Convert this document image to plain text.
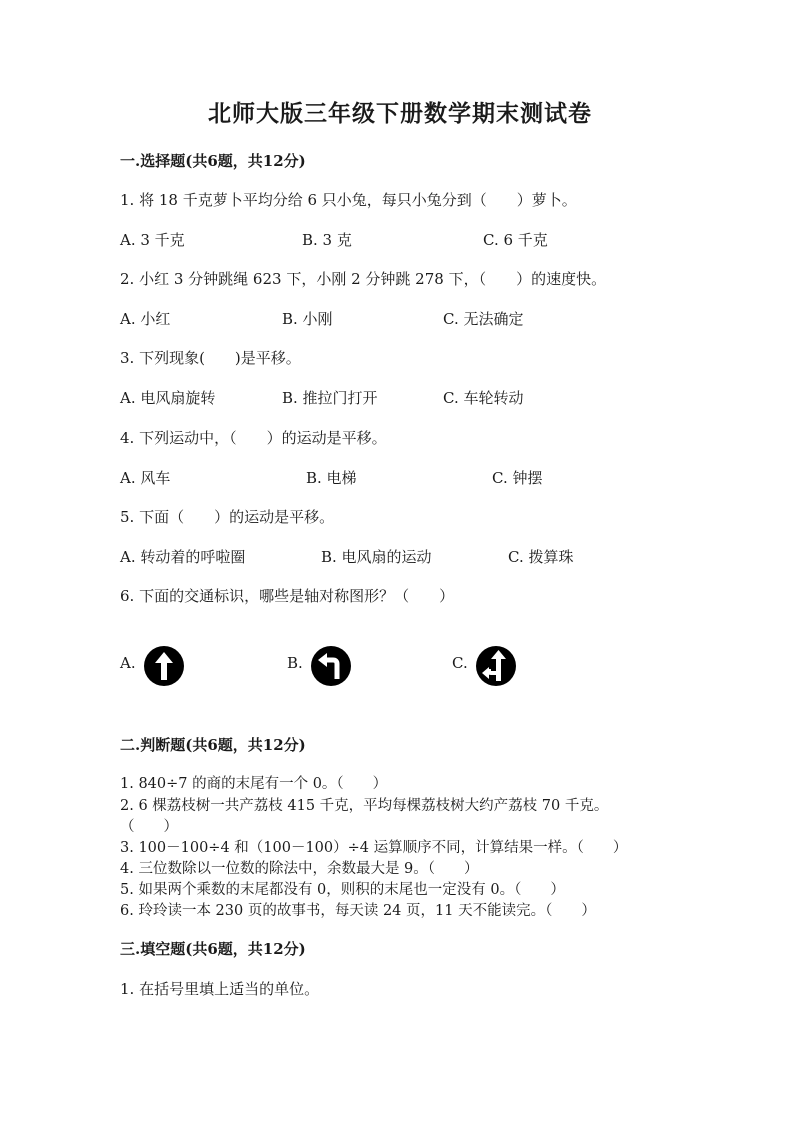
北师大版三年级下册数学期末测试卷
一.选择题(共6题，共12分)
1. 将 18 千克萝卜平均分给 6 只小兔，每只小兔分到（　　）萝卜。
A. 3 千克	B. 3 克	C. 6 千克
2. 小红 3 分钟跳绳 623 下，小刚 2 分钟跳 278 下，（　　）的速度快。
A. 小红	B. 小刚	C. 无法确定
3. 下列现象(　　)是平移。
A. 电风扇旋转	B. 推拉门打开	C. 车轮转动
4. 下列运动中，（　　）的运动是平移。
A. 风车	B. 电梯	C. 钟摆
5. 下面（　　）的运动是平移。
A. 转动着的呼啦圈	B. 电风扇的运动	C. 拨算珠
6. 下面的交通标识，哪些是轴对称图形？（　　）
A.	B.	C.
二.判断题(共6题，共12分)
1. 840÷7 的商的末尾有一个 0。（　　）
2. 6 棵荔枝树一共产荔枝 415 千克，平均每棵荔枝树大约产荔枝 70 千克。
（　　）
3. 100－100÷4 和（100－100）÷4 运算顺序不同，计算结果一样。（　　）
4. 三位数除以一位数的除法中，余数最大是 9。（　　）
5. 如果两个乘数的末尾都没有 0，则积的末尾也一定没有 0。（　　）
6. 玲玲读一本 230 页的故事书，每天读 24 页，11 天不能读完。（　　）
三.填空题(共6题，共12分)
1. 在括号里填上适当的单位。
